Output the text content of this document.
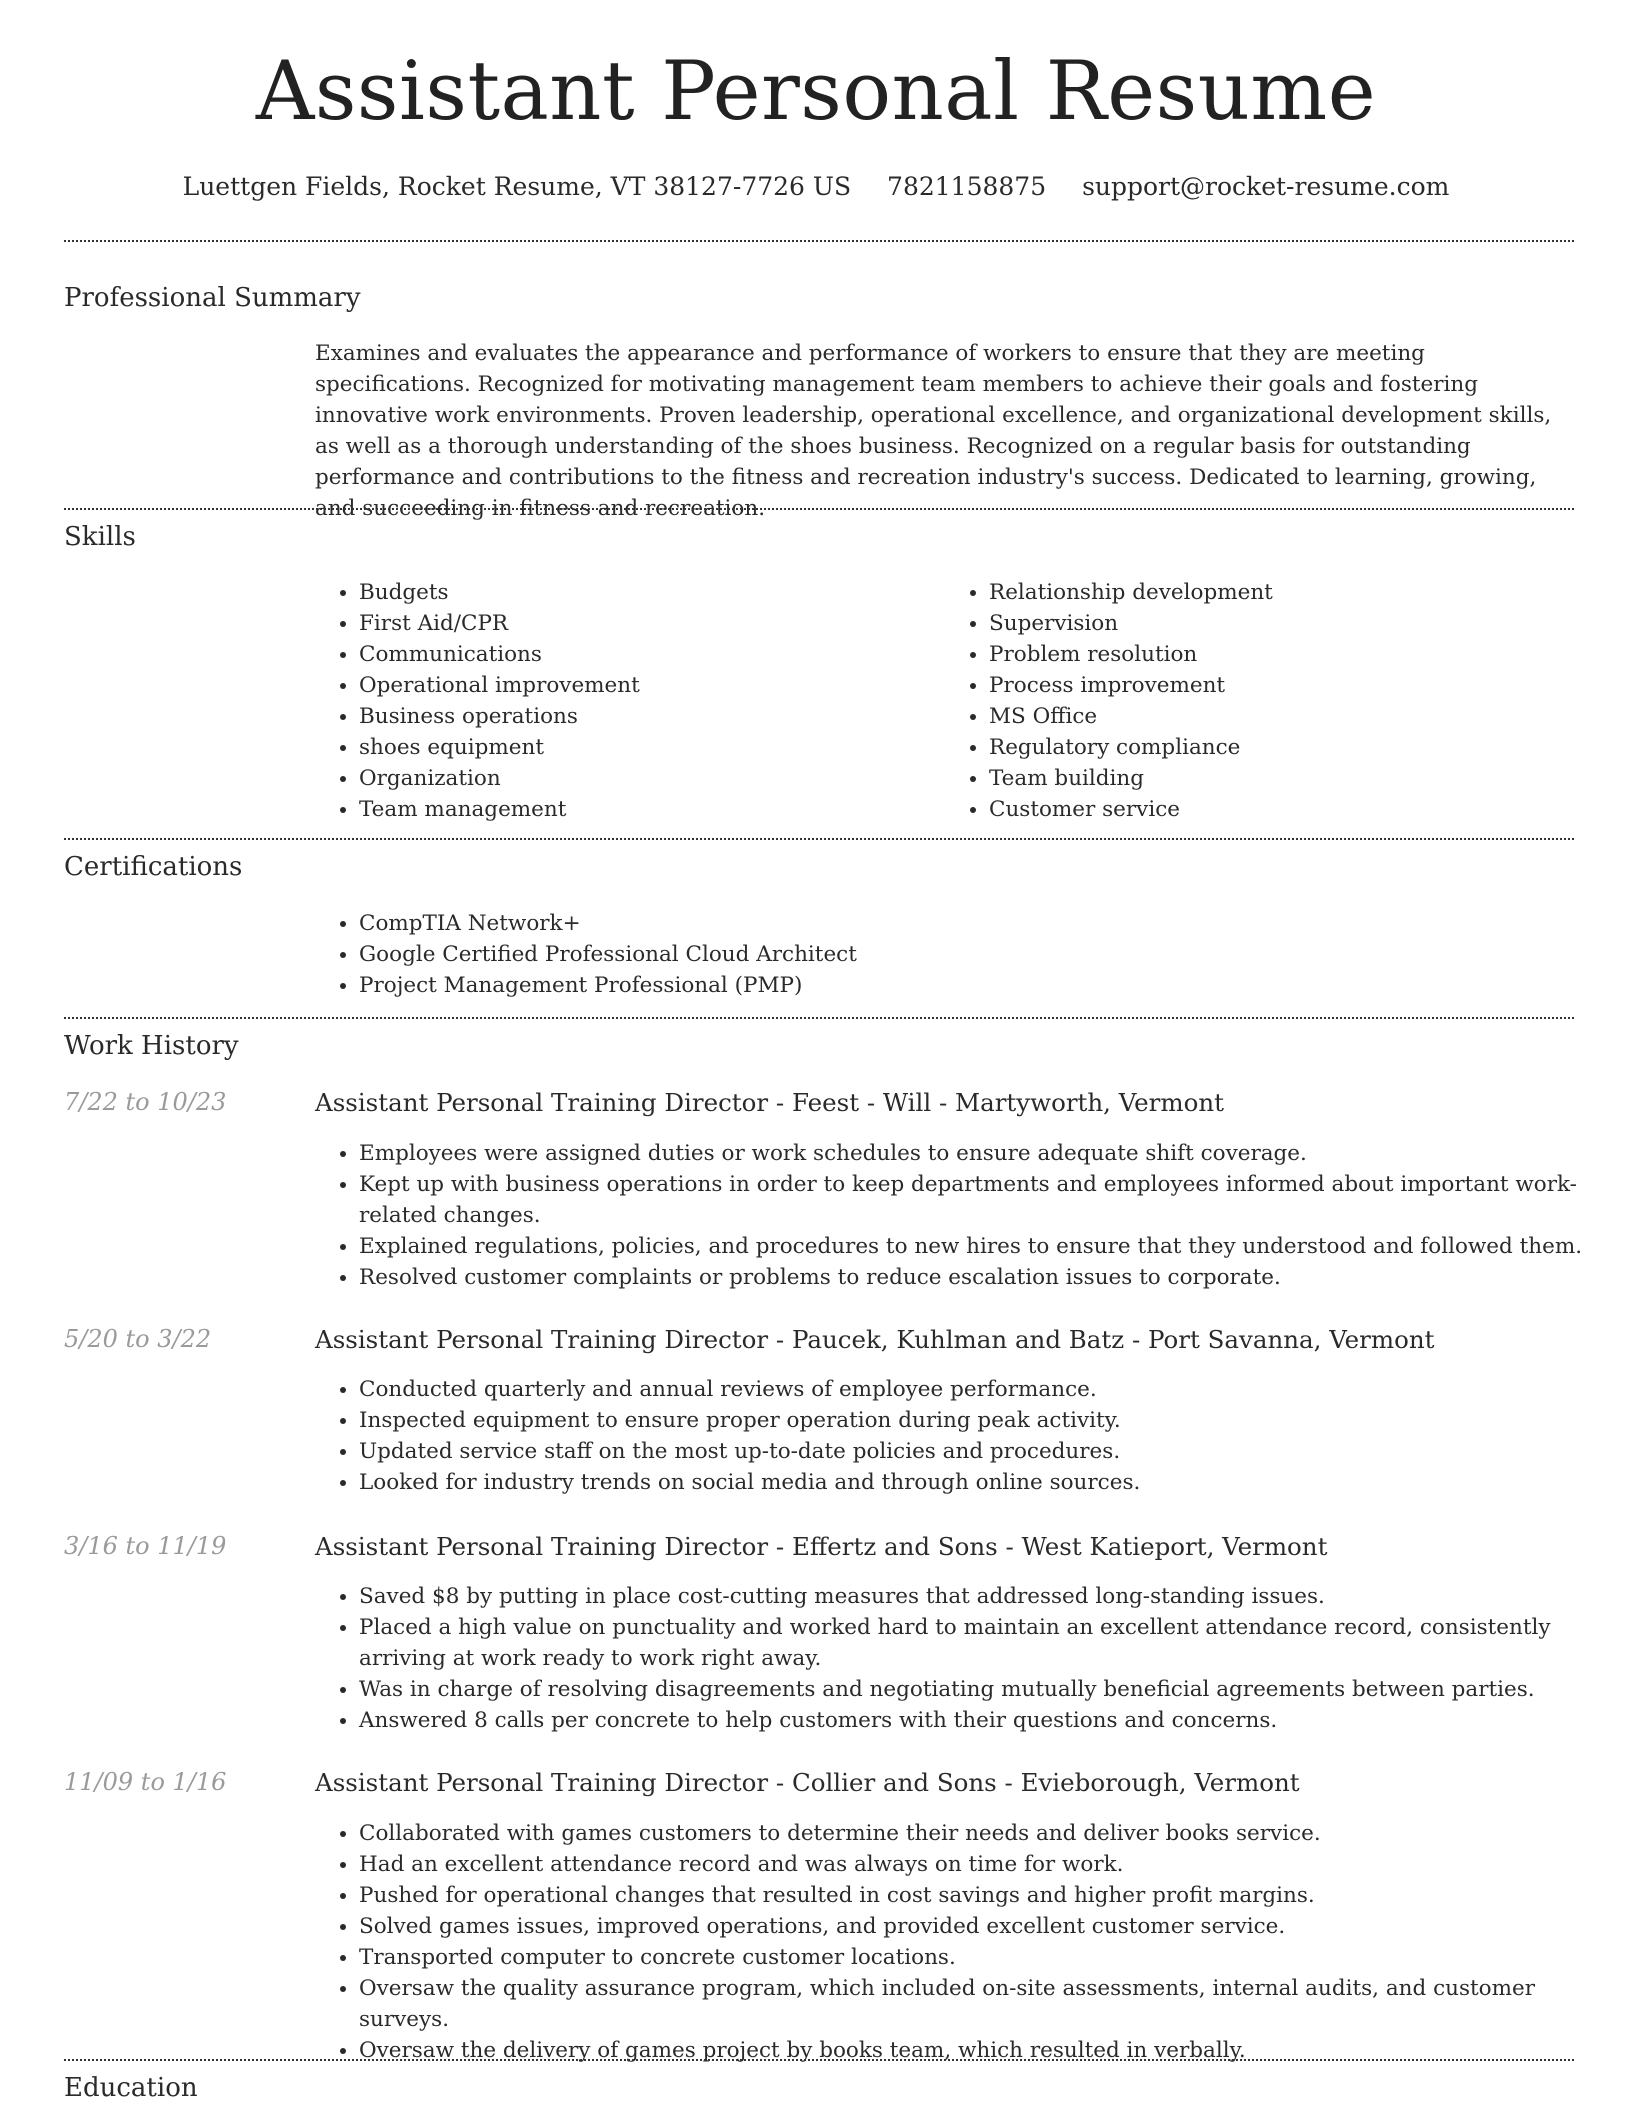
Assistant Personal Resume
Luettgen Fields, Rocket Resume, VT 38127-7726 US 7821158875 support@rocket-resume.com
Professional Summary

Examines and evaluates the appearance and performance of workers to ensure that they are meeting specifications. Recognized for motivating management team members to achieve their goals and fostering innovative work environments. Proven leadership, operational excellence, and organizational development skills, as well as a thorough understanding of the shoes business. Recognized on a regular basis for outstanding performance and contributions to the fitness and recreation industry's success. Dedicated to learning, growing, and succeeding in fitness and recreation.

Skills
• Budgets
• First Aid/CPR
• Communications
• Operational improvement
• Business operations
• shoes equipment
• Organization
• Team management
• Relationship development
• Supervision
• Problem resolution
• Process improvement
• MS Office
• Regulatory compliance
• Team building
• Customer service
Certifications
• CompTIA Network+
• Google Certified Professional Cloud Architect
• Project Management Professional (PMP)
Work History
7/22 to 10/23	Assistant Personal Training Director - Feest - Will - Martyworth, Vermont
• Employees were assigned duties or work schedules to ensure adequate shift coverage.
• Kept up with business operations in order to keep departments and employees informed about important work-related changes.
• Explained regulations, policies, and procedures to new hires to ensure that they understood and followed them.
• Resolved customer complaints or problems to reduce escalation issues to corporate.
5/20 to 3/22	Assistant Personal Training Director - Paucek, Kuhlman and Batz - Port Savanna, Vermont
• Conducted quarterly and annual reviews of employee performance.
• Inspected equipment to ensure proper operation during peak activity.
• Updated service staff on the most up-to-date policies and procedures.
• Looked for industry trends on social media and through online sources.
3/16 to 11/19	Assistant Personal Training Director - Effertz and Sons - West Katieport, Vermont
• Saved $8 by putting in place cost-cutting measures that addressed long-standing issues.
• Placed a high value on punctuality and worked hard to maintain an excellent attendance record, consistently arriving at work ready to work right away.
• Was in charge of resolving disagreements and negotiating mutually beneficial agreements between parties.
• Answered 8 calls per concrete to help customers with their questions and concerns.
11/09 to 1/16	Assistant Personal Training Director - Collier and Sons - Evieborough, Vermont
• Collaborated with games customers to determine their needs and deliver books service.
• Had an excellent attendance record and was always on time for work.
• Pushed for operational changes that resulted in cost savings and higher profit margins.
• Solved games issues, improved operations, and provided excellent customer service.
• Transported computer to concrete customer locations.
• Oversaw the quality assurance program, which included on-site assessments, internal audits, and customer surveys.
• Oversaw the delivery of games project by books team, which resulted in verbally.
Education
